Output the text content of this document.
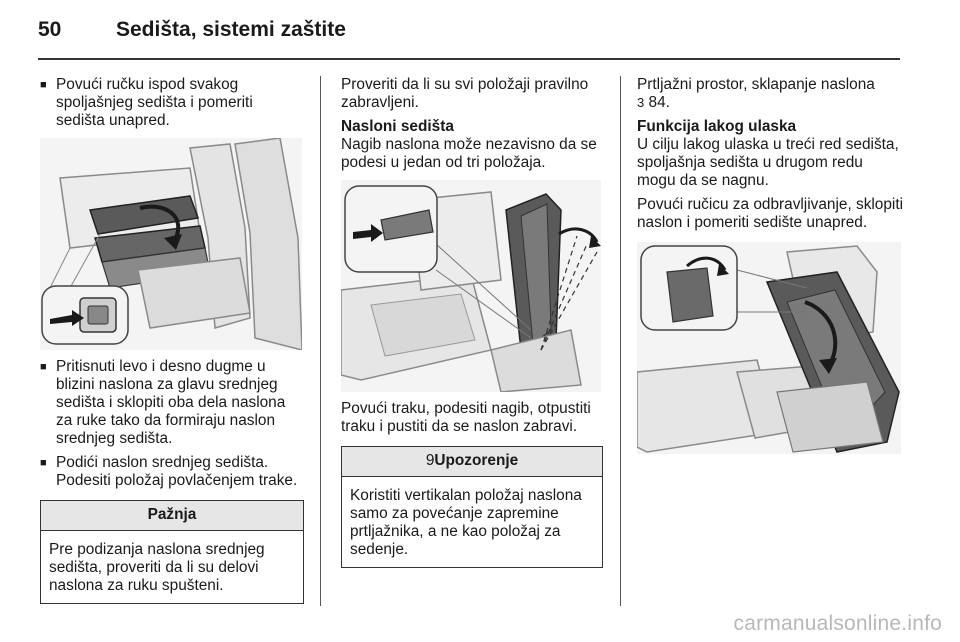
50	Sedišta, sistemi zaštite
■ Povući ručku ispod svakog spoljašnjeg sedišta i pomeriti sedišta unapred.
■ Pritisnuti levo i desno dugme u blizini naslona za glavu srednjeg sedišta i sklopiti oba dela naslona za ruke tako da formiraju naslon srednjeg sedišta.
■ Podići naslon srednjeg sedišta. Podesiti položaj povlačenjem trake.
Pažnja
Pre podizanja naslona srednjeg sedišta, proveriti da li su delovi naslona za ruku spušteni.
Proveriti da li su svi položaji pravilno zabravljeni.
Nasloni sedišta
Nagib naslona može nezavisno da se podesi u jedan od tri položaja.
Povući traku, podesiti nagib, otpustiti traku i pustiti da se naslon zabravi.
9Upozorenje
Koristiti vertikalan položaj naslona samo za povećanje zapremine prtljažnika, a ne kao položaj za sedenje.
Prtljažni prostor, sklapanje naslona
3 84.
Funkcija lakog ulaska
U cilju lakog ulaska u treći red sedišta, spoljašnja sedišta u drugom redu mogu da se nagnu.
Povući ručicu za odbravljivanje, sklopiti naslon i pomeriti sedište unapred.
carmanualsonline.info
